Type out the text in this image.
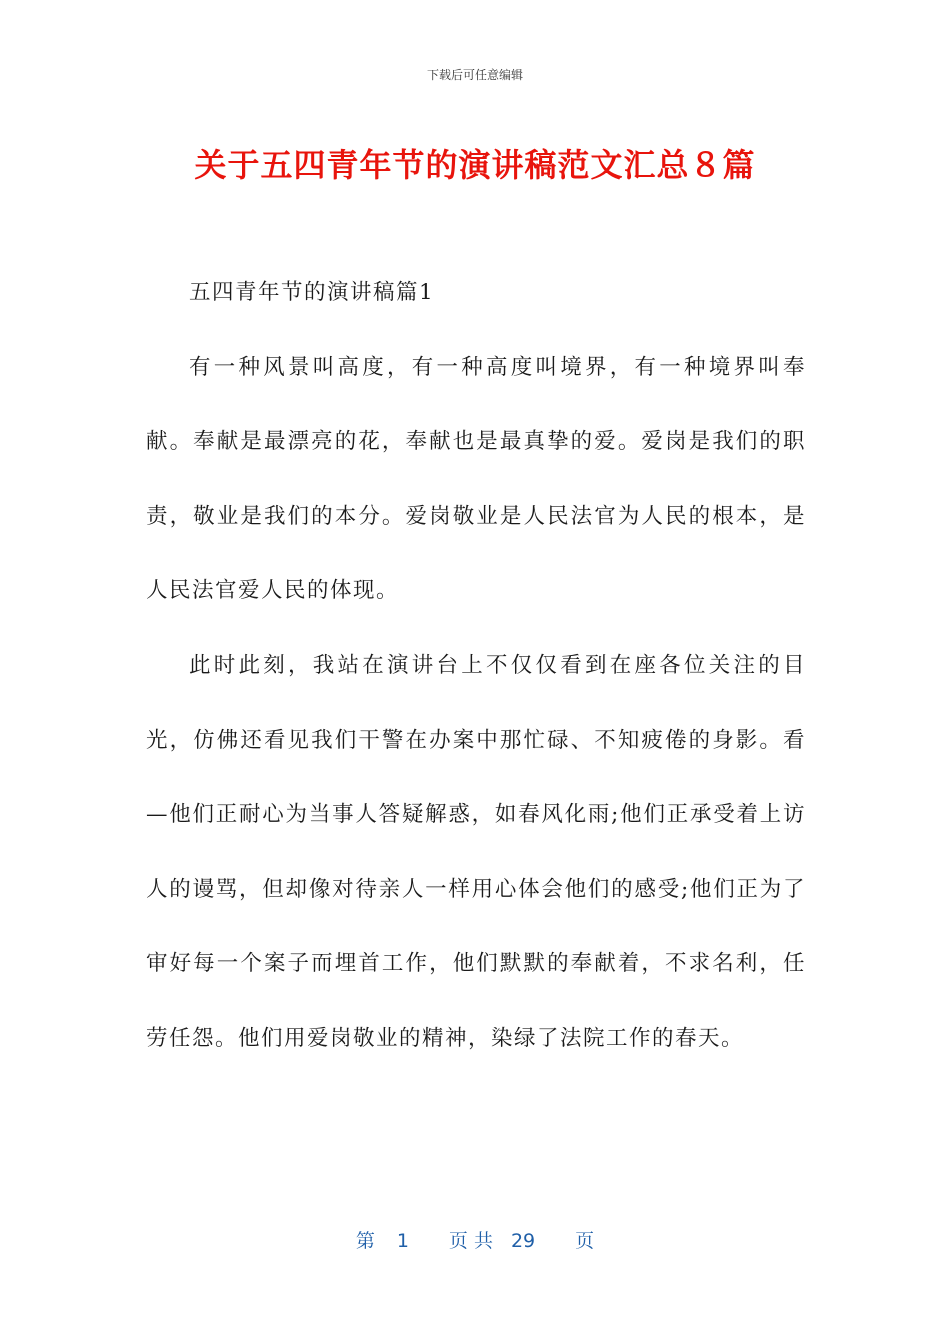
下载后可任意编辑
关于五四青年节的演讲稿范文汇总８篇

五四青年节的演讲稿篇1

有一种风景叫高度，有一种高度叫境界，有一种境界叫奉献。奉献是最漂亮的花，奉献也是最真挚的爱。爱岗是我们的职责，敬业是我们的本分。爱岗敬业是人民法官为人民的根本，是人民法官爱人民的体现。

此时此刻，我站在演讲台上不仅仅看到在座各位关注的目光，仿佛还看见我们干警在办案中那忙碌、不知疲倦的身影。看—他们正耐心为当事人答疑解惑，如春风化雨;他们正承受着上访人的谩骂，但却像对待亲人一样用心体会他们的感受;他们正为了审好每一个案子而埋首工作，他们默默的奉献着，不求名利，任劳任怨。他们用爱岗敬业的精神，染绿了法院工作的春天。

第 1 页 共 29 页
